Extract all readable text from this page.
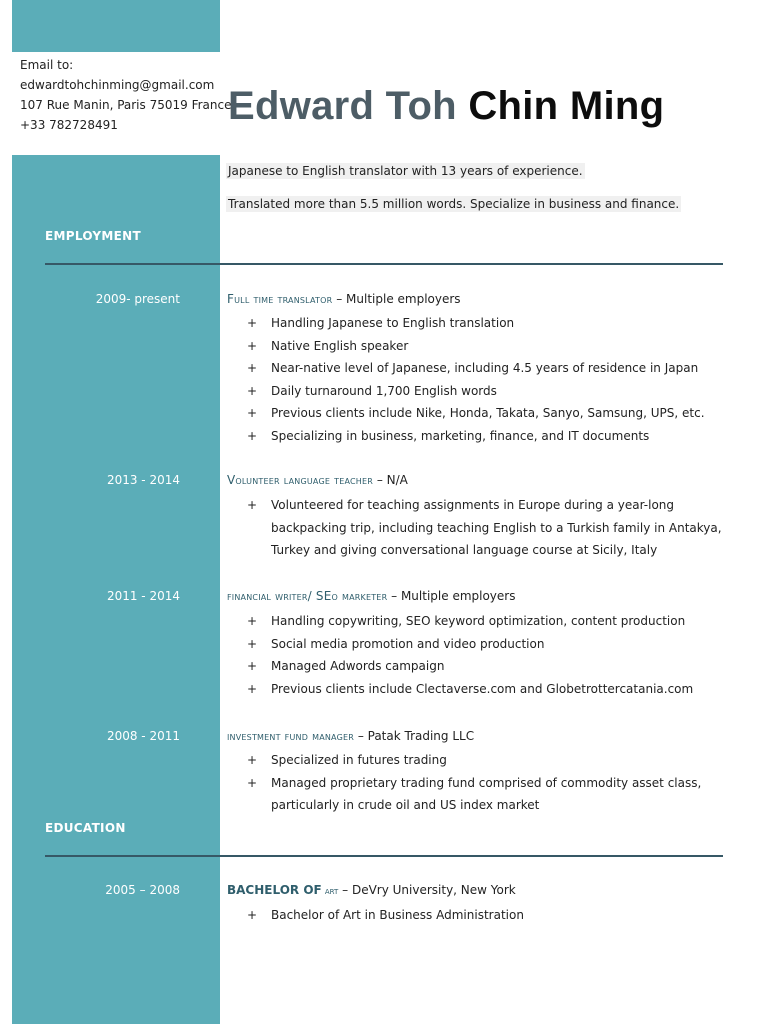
Email to:
edwardtohchinming@gmail.com
107 Rue Manin, Paris 75019 France
+33 782728491	Edward Toh Chin Ming
Japanese to English translator with 13 years of experience.
Translated more than 5.5 million words. Specialize in business and finance.
EMPLOYMENT
2009- present	Full time translator – Multiple employers
+ Handling Japanese to English translation
+ Native English speaker
+ Near-native level of Japanese, including 4.5 years of residence in Japan
+ Daily turnaround 1,700 English words
+ Previous clients include Nike, Honda, Takata, Sanyo, Samsung, UPS, etc.
+ Specializing in business, marketing, finance, and IT documents
2013 - 2014	Volunteer language teacher – N/A
+ Volunteered for teaching assignments in Europe during a year-long backpacking trip, including teaching English to a Turkish family in Antakya, Turkey and giving conversational language course at Sicily, Italy
2011 - 2014	financial writer/ SEo marketer – Multiple employers
+ Handling copywriting, SEO keyword optimization, content production
+ Social media promotion and video production
+ Managed Adwords campaign
+ Previous clients include Clectaverse.com and Globetrottercatania.com
2008 - 2011	investment fund manager – Patak Trading LLC
+ Specialized in futures trading
+ Managed proprietary trading fund comprised of commodity asset class, particularly in crude oil and US index market
EDUCATION
2005 – 2008	BACHELOR OF art – DeVry University, New York
+ Bachelor of Art in Business Administration
